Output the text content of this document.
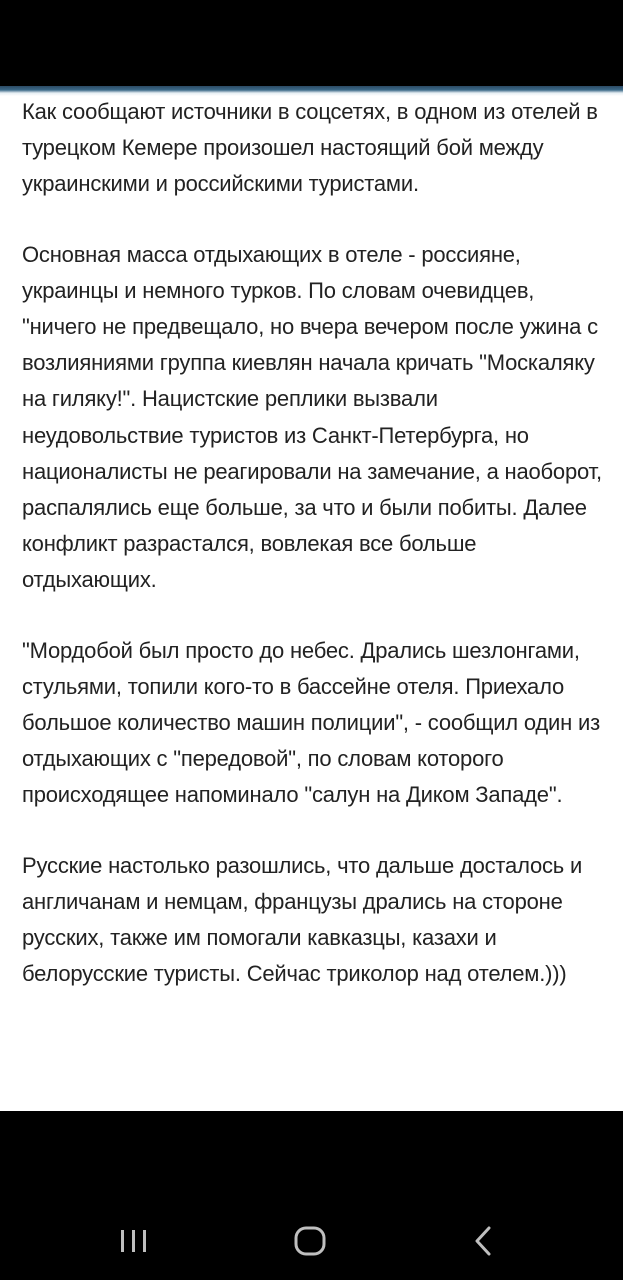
Как сообщают источники в соцсетях, в одном из отелей в турецком Кемере произошел настоящий бой между украинскими и российскими туристами.

Основная масса отдыхающих в отеле - россияне, украинцы и немного турков. По словам очевидцев, "ничего не предвещало, но вчера вечером после ужина с возлияниями группа киевлян начала кричать "Москаляку на гиляку!". Нацистские реплики вызвали неудовольствие туристов из Санкт-Петербурга, но националисты не реагировали на замечание, а наоборот, распалялись еще больше, за что и были побиты. Далее конфликт разрастался, вовлекая все больше отдыхающих.

"Мордобой был просто до небес. Дрались шезлонгами, стульями, топили кого-то в бассейне отеля. Приехало большое количество машин полиции", - сообщил один из отдыхающих с "передовой", по словам которого происходящее напоминало "салун на Диком Западе".

Русские настолько разошлись, что дальше досталось и англичанам и немцам, французы дрались на стороне русских, также им помогали кавказцы, казахи и белорусские туристы. Сейчас триколор над отелем.)))
